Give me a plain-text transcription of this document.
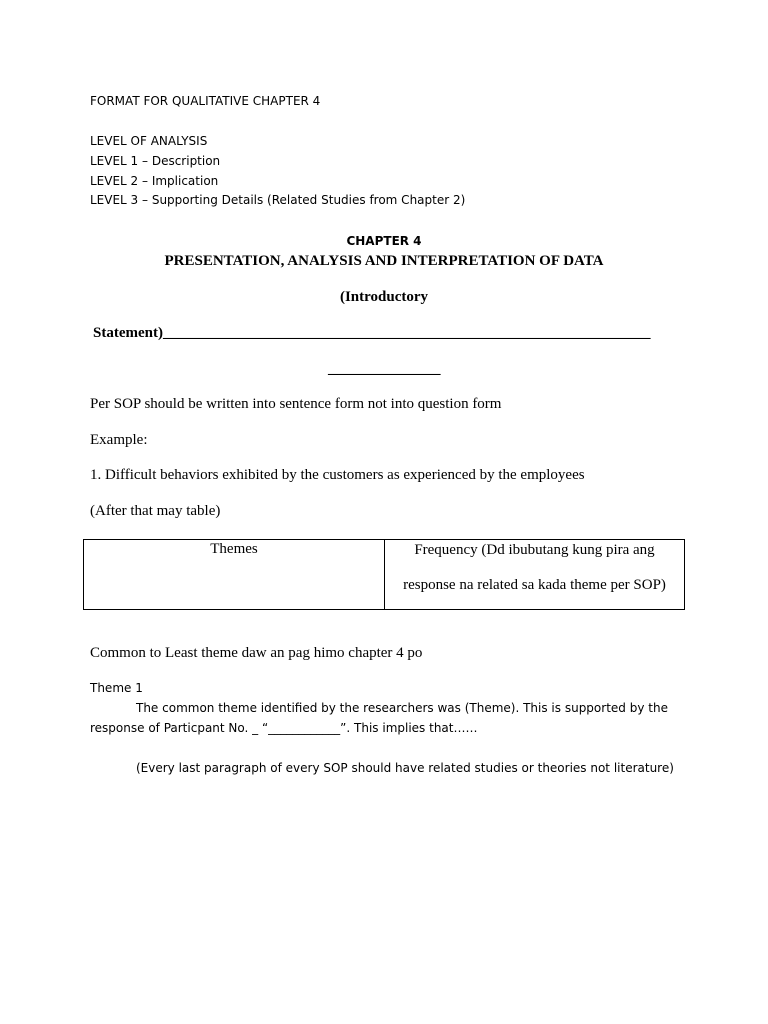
FORMAT FOR QUALITATIVE CHAPTER 4

LEVEL OF ANALYSIS

LEVEL 1 – Description

LEVEL 2 – Implication

LEVEL 3 – Supporting Details (Related Studies from Chapter 2)

CHAPTER 4

PRESENTATION, ANALYSIS AND INTERPRETATION OF DATA

(Introductory

Statement)_________________________________________________________________

_______________

Per SOP should be written into sentence form not into question form

Example:

1. Difficult behaviors exhibited by the customers as experienced by the employees

(After that may table)

Themes	Frequency (Dd ibubutang kung pira ang
response na related sa kada theme per SOP)

Common to Least theme daw an pag himo chapter 4 po

Theme 1

The common theme identified by the researchers was (Theme). This is supported by the

response of Particpant No. _ “____________”. This implies that……

(Every last paragraph of every SOP should have related studies or theories not literature)
